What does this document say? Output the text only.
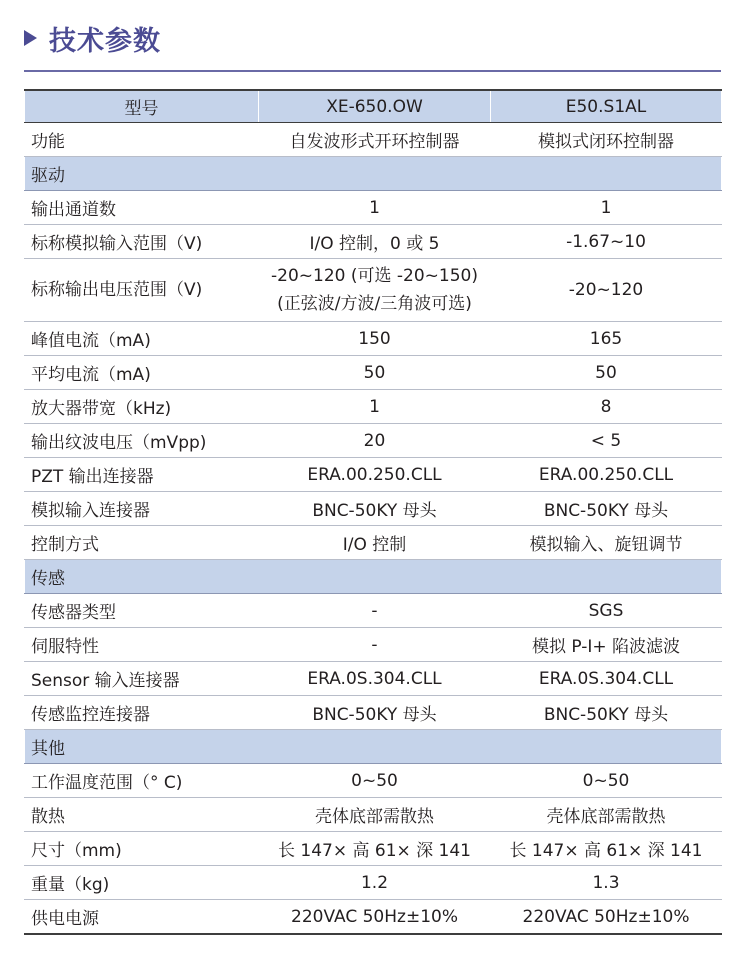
技术参数
型号	XE-650.OW	E50.S1AL
功能	自发波形式开环控制器	模拟式闭环控制器
驱动		
输出通道数	1	1
标称模拟输入范围（V)	I/O 控制，0 或 5	-1.67~10
标称输出电压范围（V)	-20~120 (可选 -20~150) (正弦波/方波/三角波可选)	-20~120
峰值电流（mA)	150	165
平均电流（mA)	50	50
放大器带宽（kHz)	1	8
输出纹波电压（mVpp)	20	< 5
PZT 输出连接器	ERA.00.250.CLL	ERA.00.250.CLL
模拟输入连接器	BNC-50KY 母头	BNC-50KY 母头
控制方式	I/O 控制	模拟输入、旋钮调节
传感		
传感器类型	-	SGS
伺服特性	-	模拟 P-I+ 陷波滤波
Sensor 输入连接器	ERA.0S.304.CLL	ERA.0S.304.CLL
传感监控连接器	BNC-50KY 母头	BNC-50KY 母头
其他		
工作温度范围（° C)	0~50	0~50
散热	壳体底部需散热	壳体底部需散热
尺寸（mm)	长 147× 高 61× 深 141	长 147× 高 61× 深 141
重量（kg)	1.2	1.3
供电电源	220VAC 50Hz±10%	220VAC 50Hz±10%
